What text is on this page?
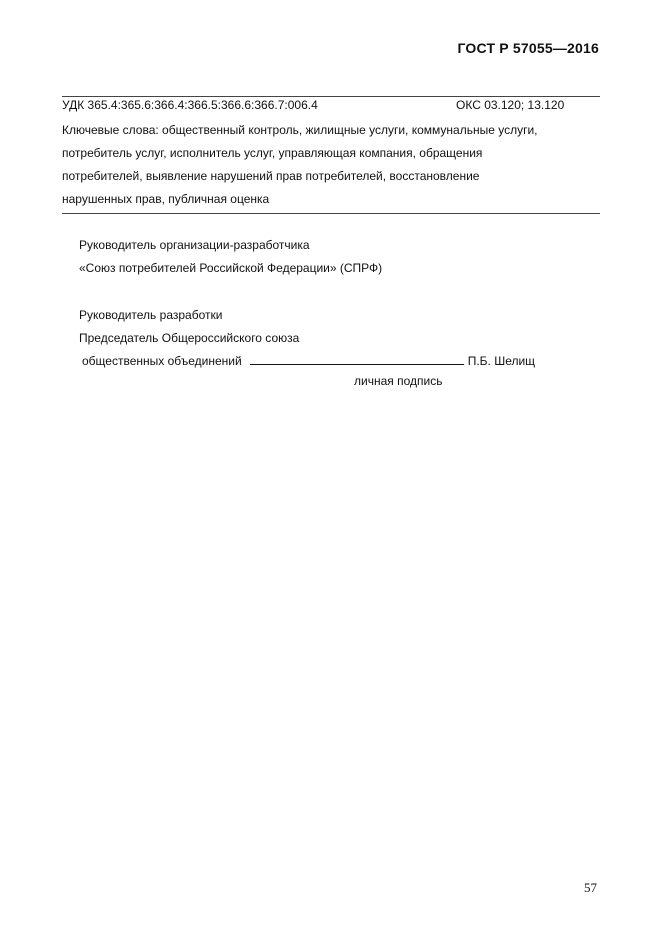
ГОСТ Р 57055—2016
УДК 365.4:365.6:366.4:366.5:366.6:366.7:006.4	ОКС 03.120; 13.120
Ключевые слова: общественный контроль, жилищные услуги, коммунальные услуги,
потребитель услуг, исполнитель услуг, управляющая компания, обращения
потребителей, выявление нарушений прав потребителей, восстановление
нарушенных прав, публичная оценка
Руководитель организации-разработчика
«Союз потребителей Российской Федерации» (СПРФ)
Руководитель разработки
Председатель Общероссийского союза
общественных объединений	П.Б. Шелищ
личная подпись
57
